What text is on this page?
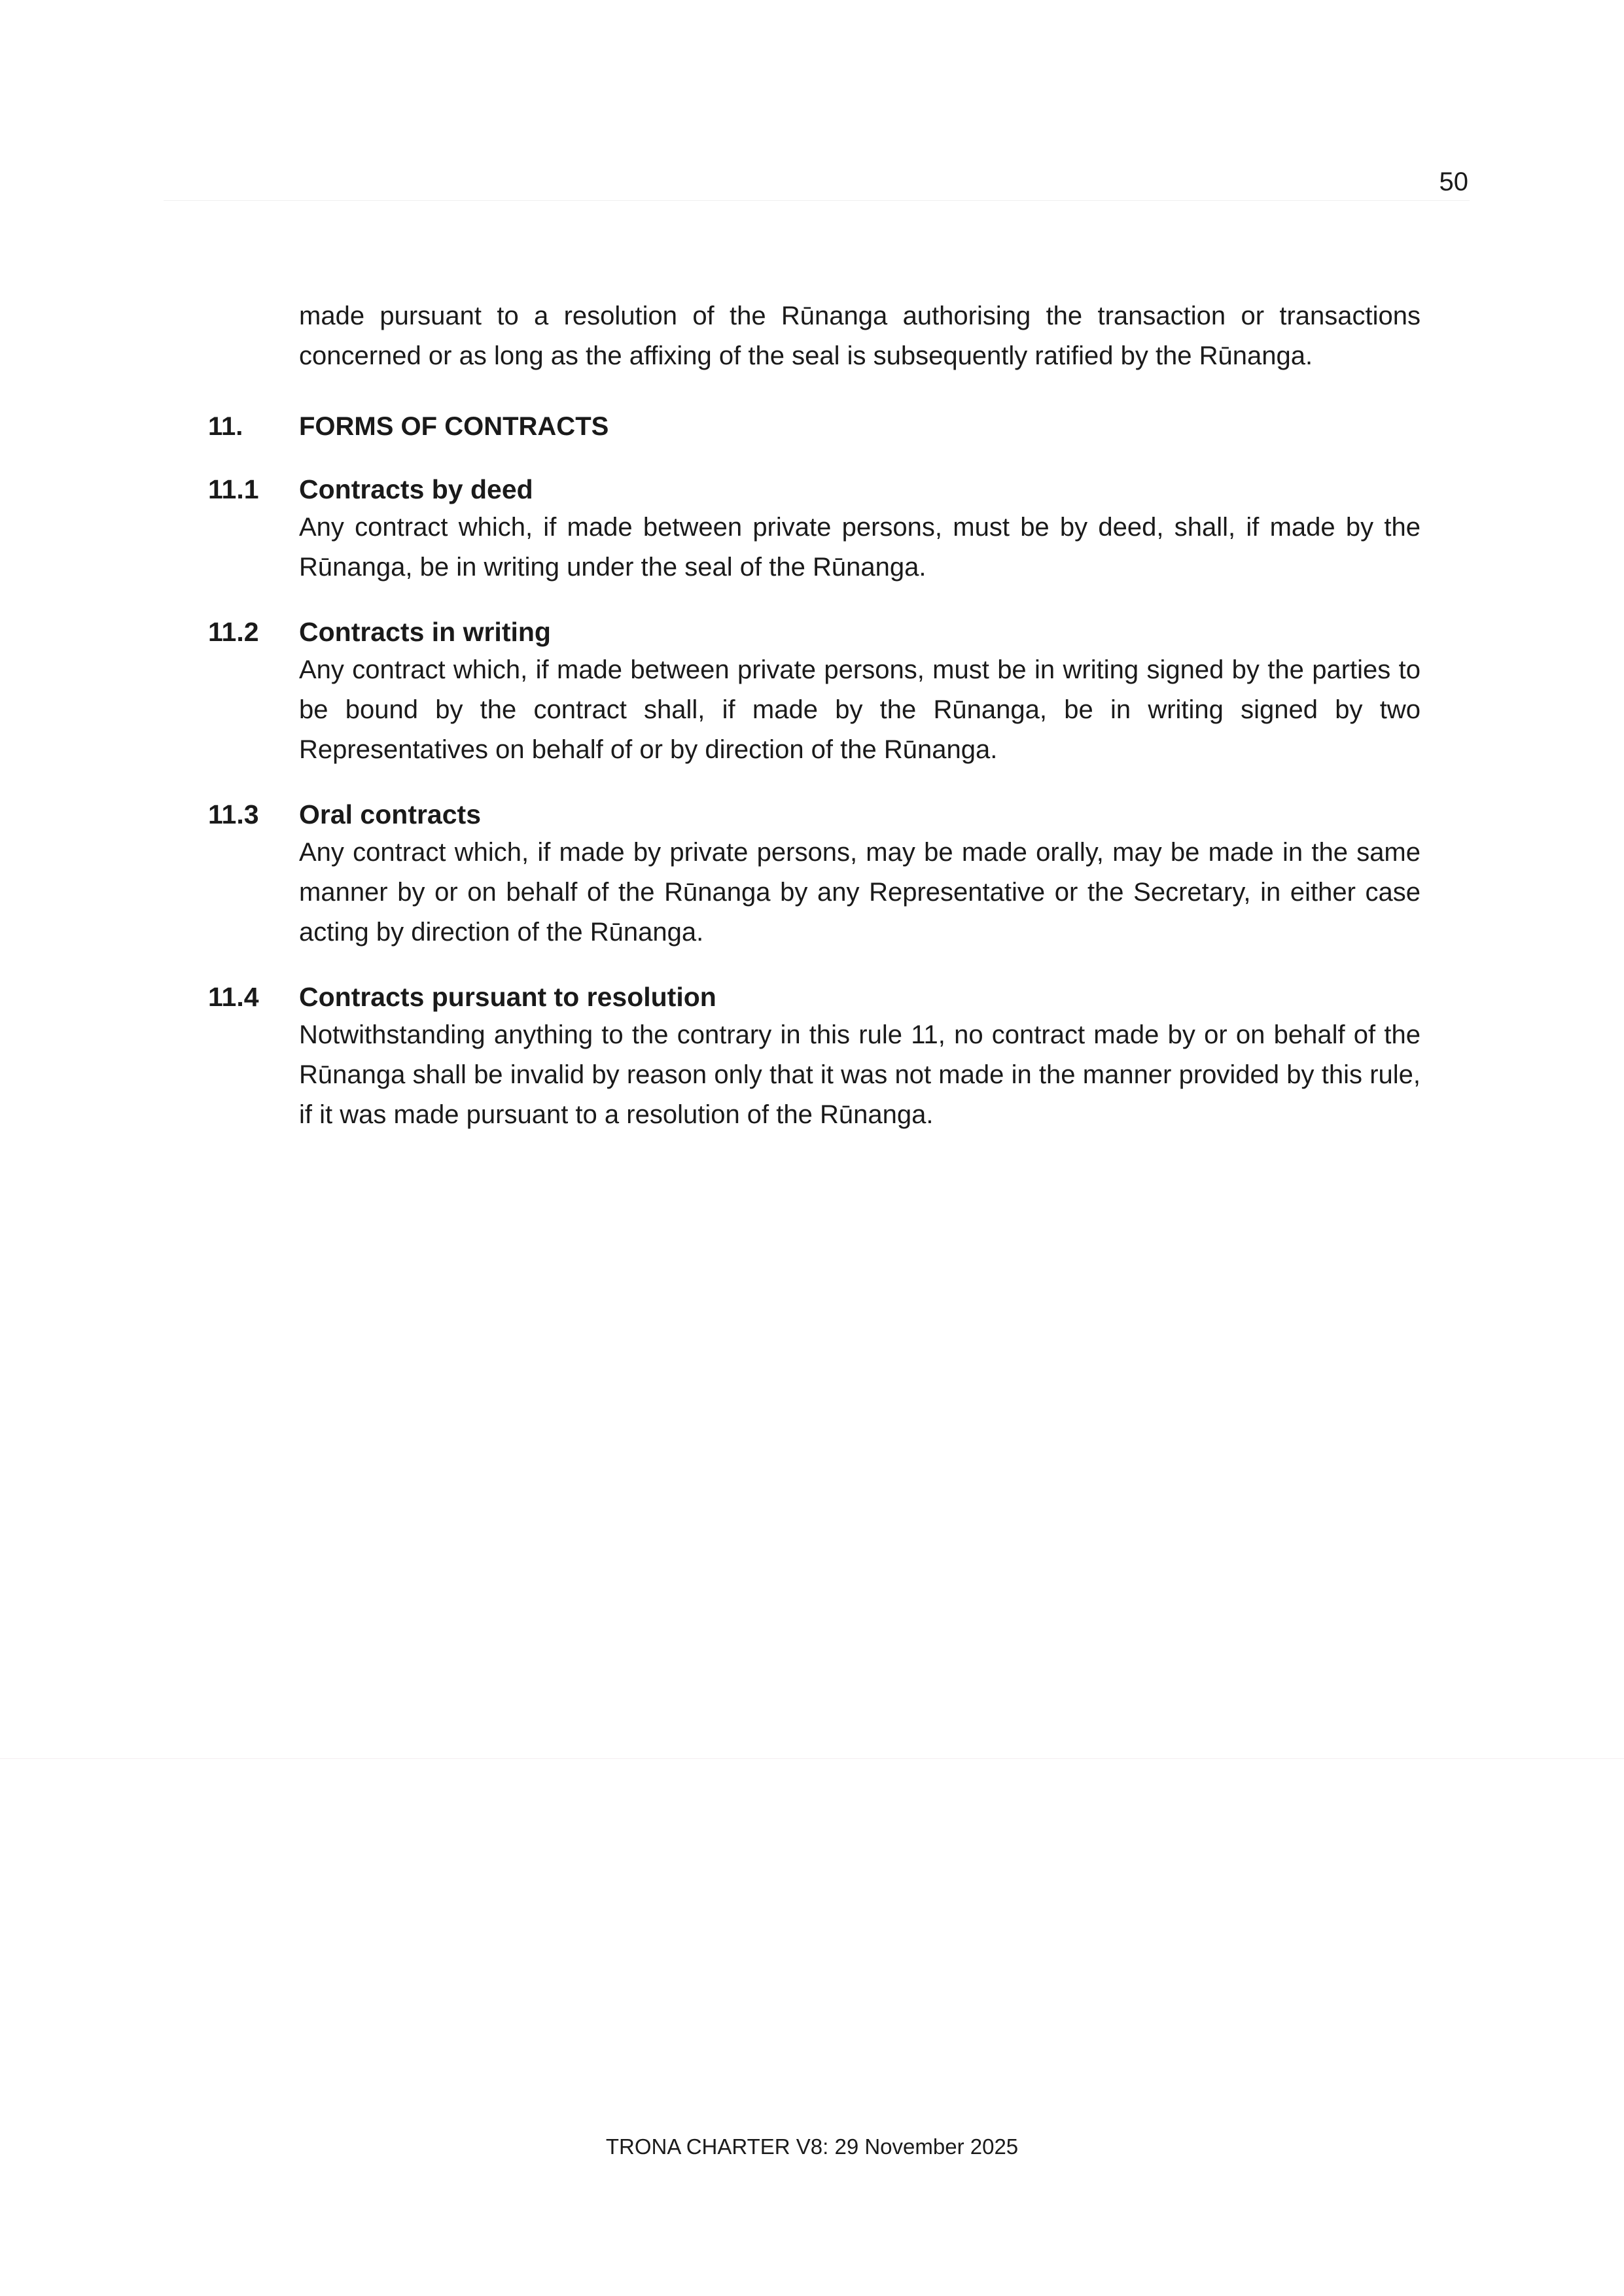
50

made pursuant to a resolution of the Rūnanga authorising the transaction or transactions concerned or as long as the affixing of the seal is subsequently ratified by the Rūnanga.

11. FORMS OF CONTRACTS

11.1 Contracts by deed

Any contract which, if made between private persons, must be by deed, shall, if made by the Rūnanga, be in writing under the seal of the Rūnanga.

11.2 Contracts in writing

Any contract which, if made between private persons, must be in writing signed by the parties to be bound by the contract shall, if made by the Rūnanga, be in writing signed by two Representatives on behalf of or by direction of the Rūnanga.

11.3 Oral contracts

Any contract which, if made by private persons, may be made orally, may be made in the same manner by or on behalf of the Rūnanga by any Representative or the Secretary, in either case acting by direction of the Rūnanga.

11.4 Contracts pursuant to resolution

Notwithstanding anything to the contrary in this rule 11, no contract made by or on behalf of the Rūnanga shall be invalid by reason only that it was not made in the manner provided by this rule, if it was made pursuant to a resolution of the Rūnanga.

TRONA CHARTER V8: 29 November 2025
